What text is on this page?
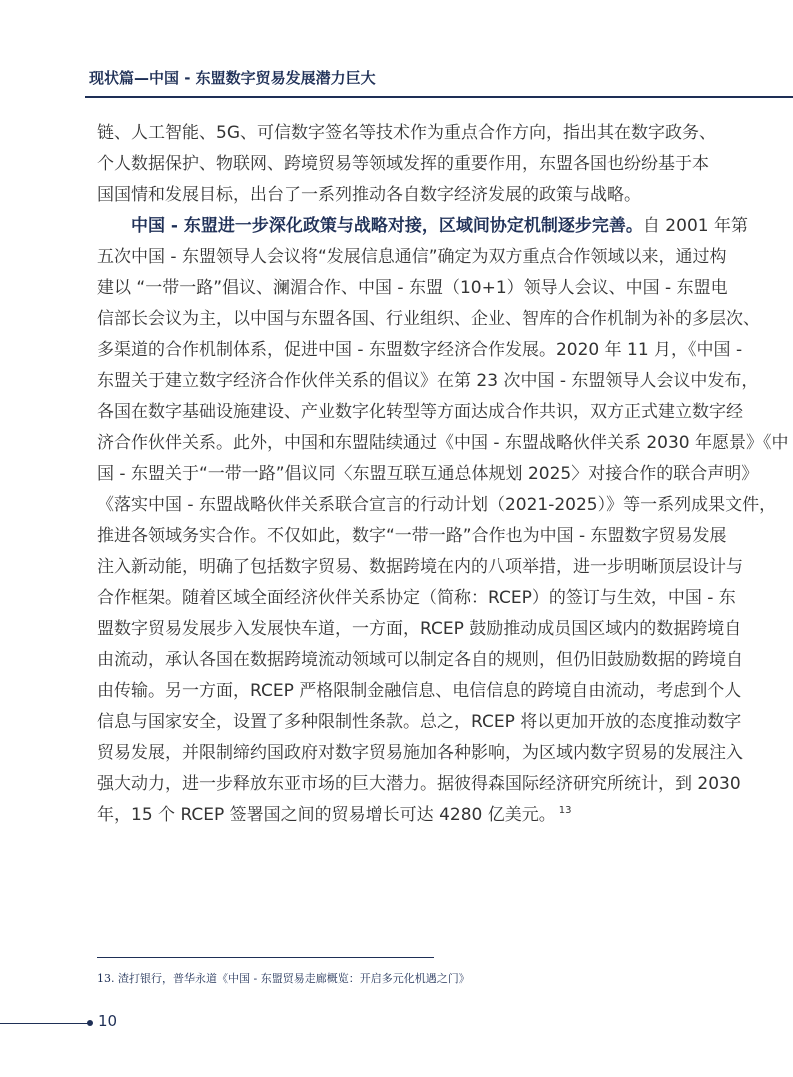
现状篇—中国 - 东盟数字贸易发展潜力巨大

链、人工智能、5G、可信数字签名等技术作为重点合作方向，指出其在数字政务、
个人数据保护、物联网、跨境贸易等领域发挥的重要作用，东盟各国也纷纷基于本
国国情和发展目标，出台了一系列推动各自数字经济发展的政策与战略。

中国 - 东盟进一步深化政策与战略对接，区域间协定机制逐步完善。自 2001 年第
五次中国 - 东盟领导人会议将“发展信息通信”确定为双方重点合作领域以来，通过构
建以 “一带一路”倡议、澜湄合作、中国 - 东盟（10+1）领导人会议、中国 - 东盟电
信部长会议为主，以中国与东盟各国、行业组织、企业、智库的合作机制为补的多层次、
多渠道的合作机制体系，促进中国 - 东盟数字经济合作发展。2020 年 11 月，《中国 -
东盟关于建立数字经济合作伙伴关系的倡议》在第 23 次中国 - 东盟领导人会议中发布，
各国在数字基础设施建设、产业数字化转型等方面达成合作共识，双方正式建立数字经
济合作伙伴关系。此外，中国和东盟陆续通过《中国 - 东盟战略伙伴关系 2030 年愿景》《中
国 - 东盟关于“一带一路”倡议同〈东盟互联互通总体规划 2025〉对接合作的联合声明》
《落实中国 - 东盟战略伙伴关系联合宣言的行动计划（2021-2025）》等一系列成果文件，
推进各领域务实合作。不仅如此，数字“一带一路”合作也为中国 - 东盟数字贸易发展
注入新动能，明确了包括数字贸易、数据跨境在内的八项举措，进一步明晰顶层设计与
合作框架。随着区域全面经济伙伴关系协定（简称：RCEP）的签订与生效，中国 - 东
盟数字贸易发展步入发展快车道，一方面，RCEP 鼓励推动成员国区域内的数据跨境自
由流动，承认各国在数据跨境流动领域可以制定各自的规则，但仍旧鼓励数据的跨境自
由传输。另一方面，RCEP 严格限制金融信息、电信信息的跨境自由流动，考虑到个人
信息与国家安全，设置了多种限制性条款。总之，RCEP 将以更加开放的态度推动数字
贸易发展，并限制缔约国政府对数字贸易施加各种影响，为区域内数字贸易的发展注入
强大动力，进一步释放东亚市场的巨大潜力。据彼得森国际经济研究所统计，到 2030
年，15 个 RCEP 签署国之间的贸易增长可达 4280 亿美元。 $^{13}$

13. 渣打银行，普华永道《中国 - 东盟贸易走廊概览：开启多元化机遇之门》
10
